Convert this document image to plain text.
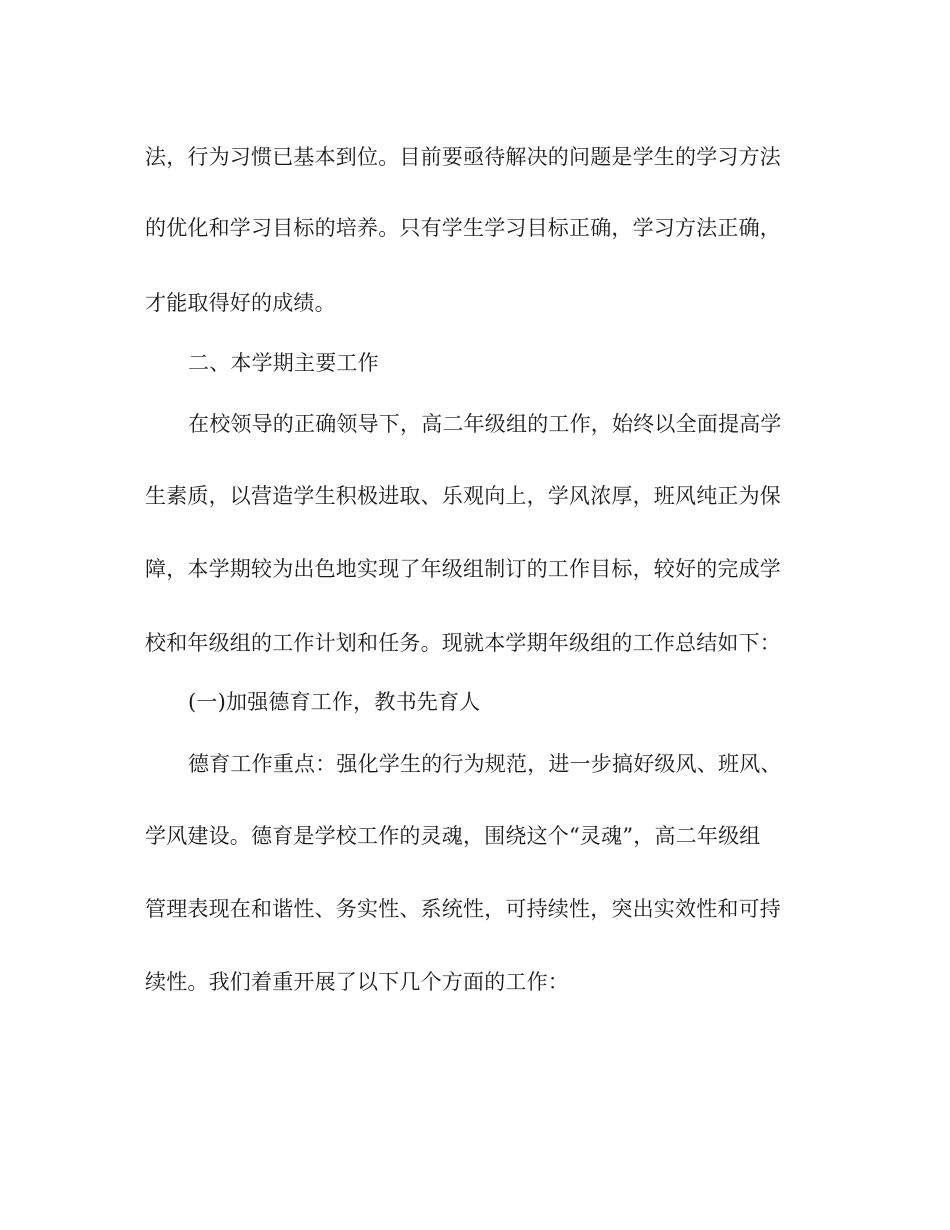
法，行为习惯已基本到位。目前要亟待解决的问题是学生的学习方法
的优化和学习目标的培养。只有学生学习目标正确，学习方法正确，
才能取得好的成绩。
二、本学期主要工作
在校领导的正确领导下，高二年级组的工作，始终以全面提高学
生素质，以营造学生积极进取、乐观向上，学风浓厚，班风纯正为保
障，本学期较为出色地实现了年级组制订的工作目标，较好的完成学
校和年级组的工作计划和任务。现就本学期年级组的工作总结如下：
(一)加强德育工作，教书先育人
德育工作重点：强化学生的行为规范，进一步搞好级风、班风、
学风建设。德育是学校工作的灵魂，围绕这个“灵魂”，高二年级组
管理表现在和谐性、务实性、系统性，可持续性，突出实效性和可持
续性。我们着重开展了以下几个方面的工作：
